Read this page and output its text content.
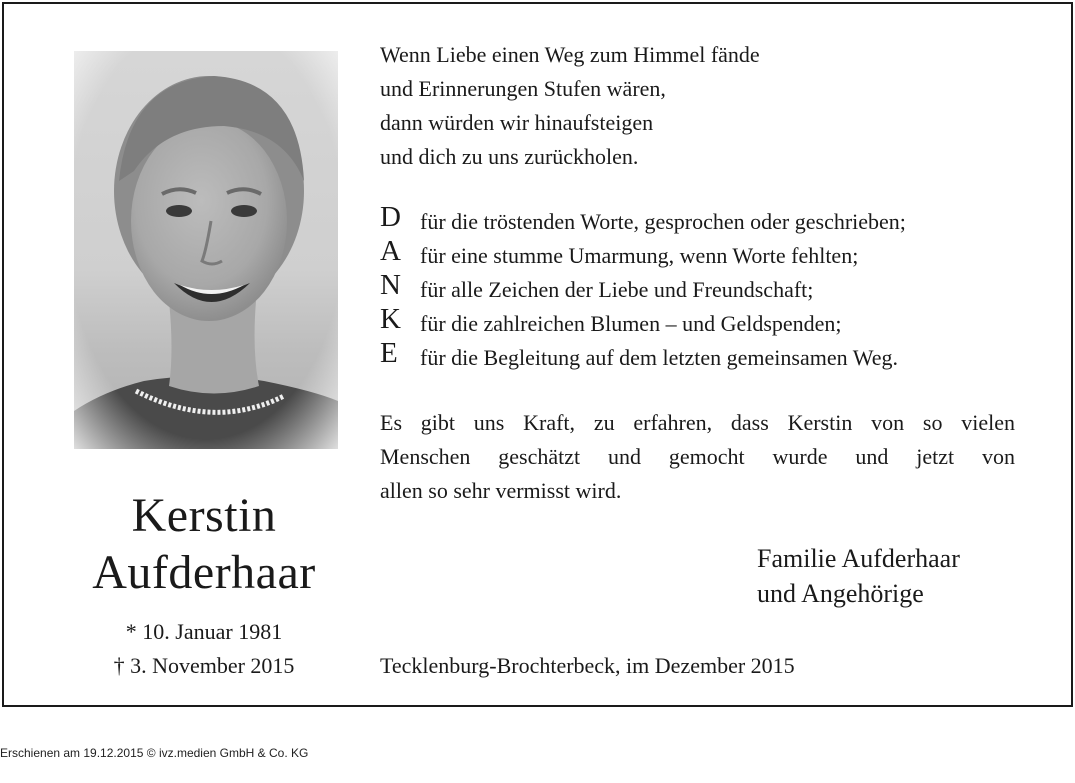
Kerstin
Aufderhaar
* 10. Januar 1981
† 3. November 2015
Wenn Liebe einen Weg zum Himmel fände
und Erinnerungen Stufen wären,
dann würden wir hinaufsteigen
und dich zu uns zurückholen.
D für die tröstenden Worte, gesprochen oder geschrieben;
A für eine stumme Umarmung, wenn Worte fehlten;
N für alle Zeichen der Liebe und Freundschaft;
K für die zahlreichen Blumen – und Geldspenden;
E für die Begleitung auf dem letzten gemeinsamen Weg.
Es gibt uns Kraft, zu erfahren, dass Kerstin von so vielen
Menschen geschätzt und gemocht wurde und jetzt von
allen so sehr vermisst wird.
Familie Aufderhaar
und Angehörige
Tecklenburg-Brochterbeck, im Dezember 2015
Erschienen am 19.12.2015 © ivz.medien GmbH & Co. KG
